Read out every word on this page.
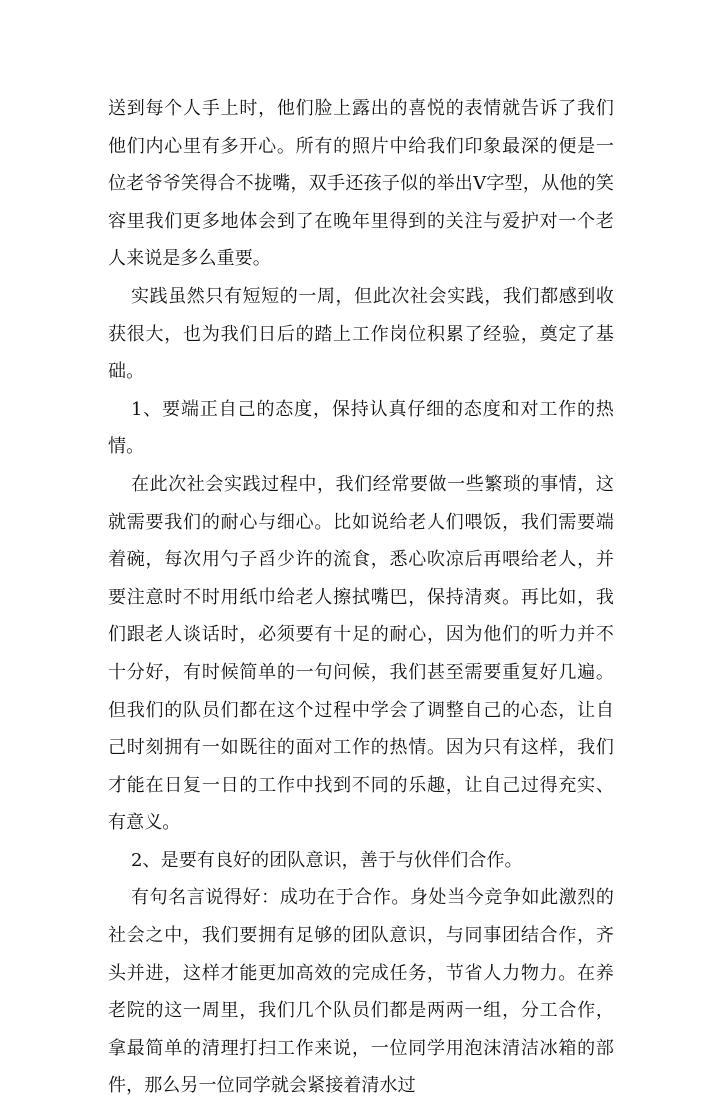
送到每个人手上时，他们脸上露出的喜悦的表情就告诉了我们他们内心里有多开心。所有的照片中给我们印象最深的便是一位老爷爷笑得合不拢嘴，双手还孩子似的举出V字型，从他的笑容里我们更多地体会到了在晚年里得到的关注与爱护对一个老人来说是多么重要。

实践虽然只有短短的一周，但此次社会实践，我们都感到收获很大，也为我们日后的踏上工作岗位积累了经验，奠定了基础。

1、要端正自己的态度，保持认真仔细的态度和对工作的热情。

在此次社会实践过程中，我们经常要做一些繁琐的事情，这就需要我们的耐心与细心。比如说给老人们喂饭，我们需要端着碗，每次用勺子舀少许的流食，悉心吹凉后再喂给老人，并要注意时不时用纸巾给老人擦拭嘴巴，保持清爽。再比如，我们跟老人谈话时，必须要有十足的耐心，因为他们的听力并不十分好，有时候简单的一句问候，我们甚至需要重复好几遍。但我们的队员们都在这个过程中学会了调整自己的心态，让自己时刻拥有一如既往的面对工作的热情。因为只有这样，我们才能在日复一日的工作中找到不同的乐趣，让自己过得充实、有意义。

2、是要有良好的团队意识，善于与伙伴们合作。

有句名言说得好：成功在于合作。身处当今竞争如此激烈的社会之中，我们要拥有足够的团队意识，与同事团结合作，齐头并进，这样才能更加高效的完成任务，节省人力物力。在养老院的这一周里，我们几个队员们都是两两一组，分工合作，拿最简单的清理打扫工作来说，一位同学用泡沫清洁冰箱的部件，那么另一位同学就会紧接着清水过
